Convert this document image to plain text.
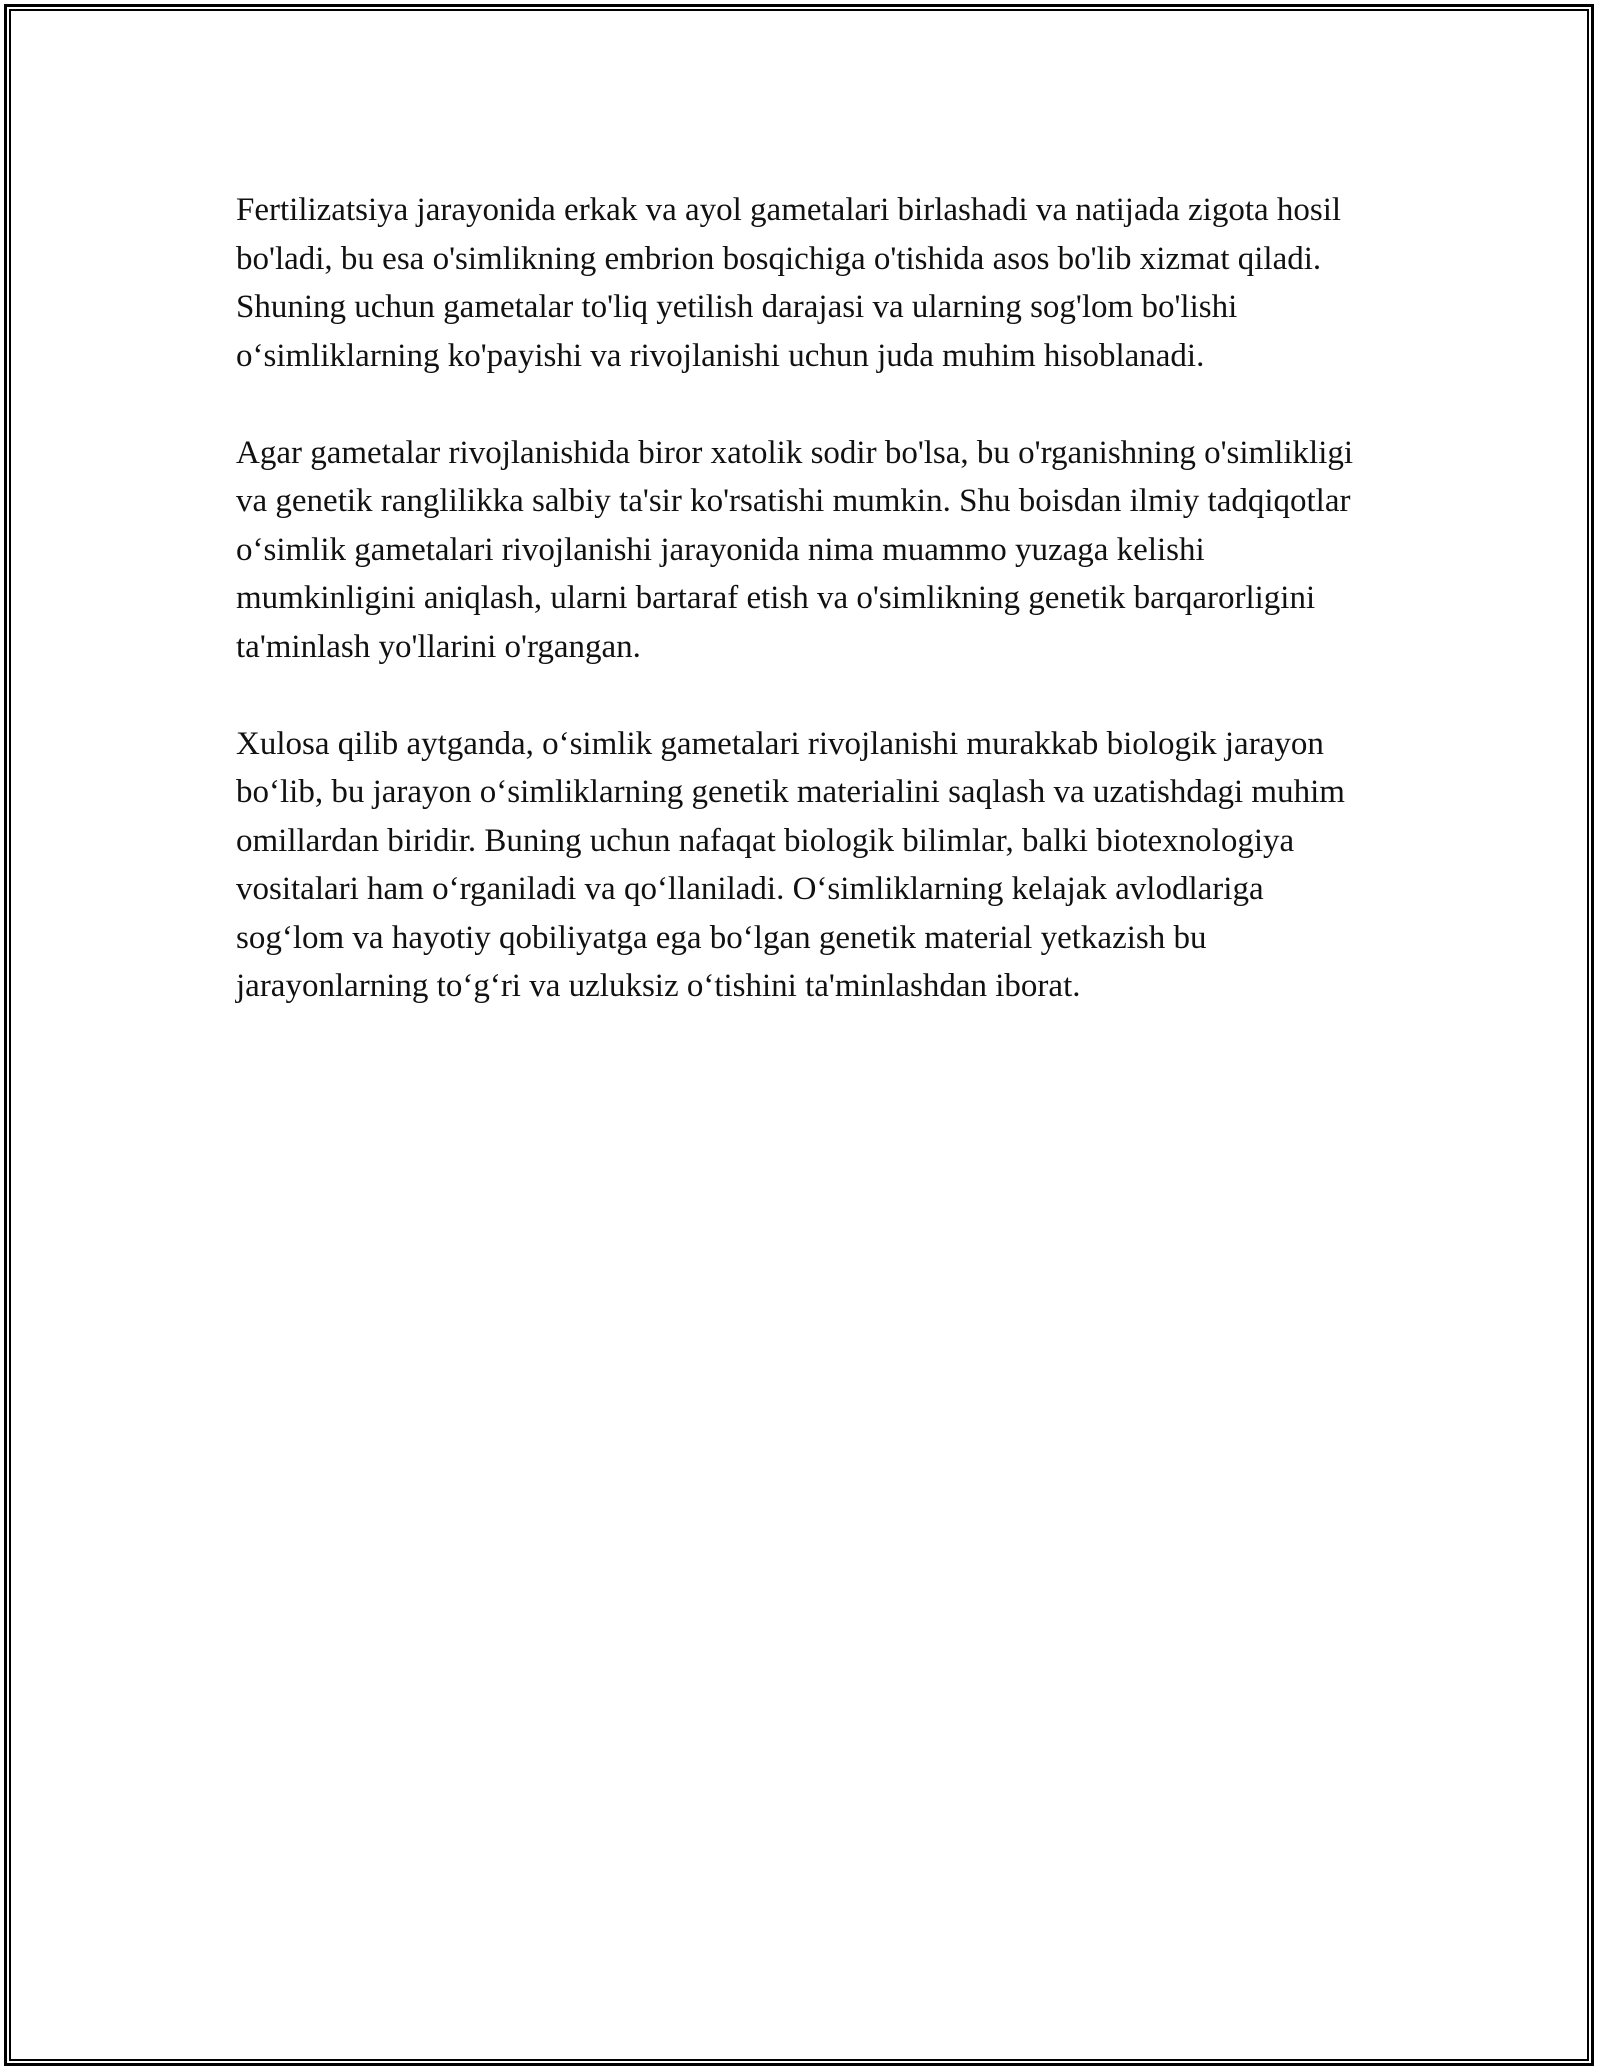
Fertilizatsiya jarayonida erkak va ayol gametalari birlashadi va natijada zigota hosil bo'ladi, bu esa o'simlikning embrion bosqichiga o'tishida asos bo'lib xizmat qiladi. Shuning uchun gametalar to'liq yetilish darajasi va ularning sog'lom bo'lishi o‘simliklarning ko'payishi va rivojlanishi uchun juda muhim hisoblanadi.

Agar gametalar rivojlanishida biror xatolik sodir bo'lsa, bu o'rganishning o'simlikligi va genetik ranglilikka salbiy ta'sir ko'rsatishi mumkin. Shu boisdan ilmiy tadqiqotlar o‘simlik gametalari rivojlanishi jarayonida nima muammo yuzaga kelishi mumkinligini aniqlash, ularni bartaraf etish va o'simlikning genetik barqarorligini ta'minlash yo'llarini o'rgangan.

Xulosa qilib aytganda, o‘simlik gametalari rivojlanishi murakkab biologik jarayon bo‘lib, bu jarayon o‘simliklarning genetik materialini saqlash va uzatishdagi muhim omillardan biridir. Buning uchun nafaqat biologik bilimlar, balki biotexnologiya vositalari ham o‘rganiladi va qo‘llaniladi. O‘simliklarning kelajak avlodlariga sog‘lom va hayotiy qobiliyatga ega bo‘lgan genetik material yetkazish bu jarayonlarning to‘g‘ri va uzluksiz o‘tishini ta'minlashdan iborat.
